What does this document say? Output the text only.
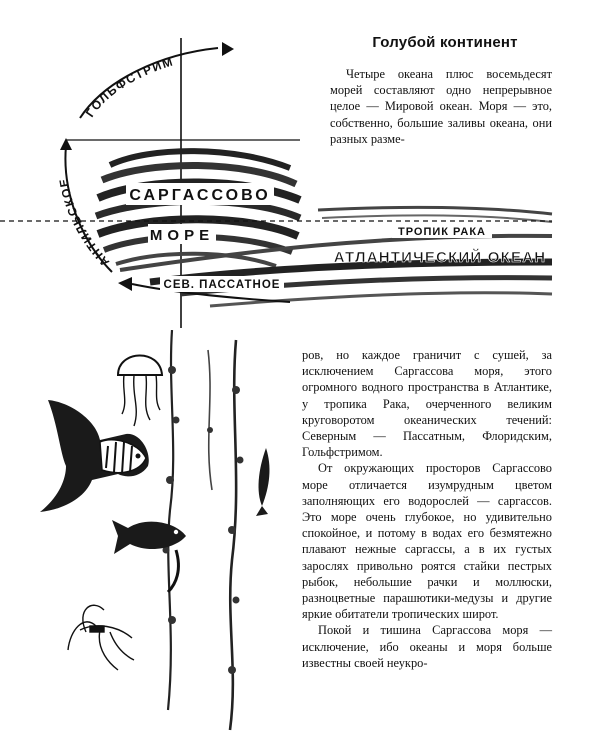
ГОЛЬФСТРИМ
АНТИЛЬСКОЕ
САРГАССОВО
МОРЕ	ТРОПИК РАКА
АТЛАНТИЧЕСКИЙ ОКЕАН
СЕВ. ПАССАТНОЕ
Голубой континент

Четыре океана плюс восемьдесят морей составляют одно непрерывное целое — Мировой океан. Моря — это, собственно, большие заливы океана, они разных разме-

ров, но каждое граничит с сушей, за исключением Саргассова моря, этого огромного водного пространства в Атлантике, у тропика Рака, очерченного великим круговоротом океанических течений: Северным — Пассатным, Флоридским, Гольфстримом.

От окружающих просторов Саргассово море отличается изумрудным цветом заполняющих его водорослей — саргассов. Это море очень глубокое, но удивительно спокойное, и потому в водах его безмятежно плавают нежные саргассы, а в их густых зарослях привольно роятся стайки пестрых рыбок, небольшие рачки и моллюски, разноцветные парашютики-медузы и другие яркие обитатели тропических широт.

Покой и тишина Саргассова моря — исключение, ибо океаны и моря больше известны своей неукро-
